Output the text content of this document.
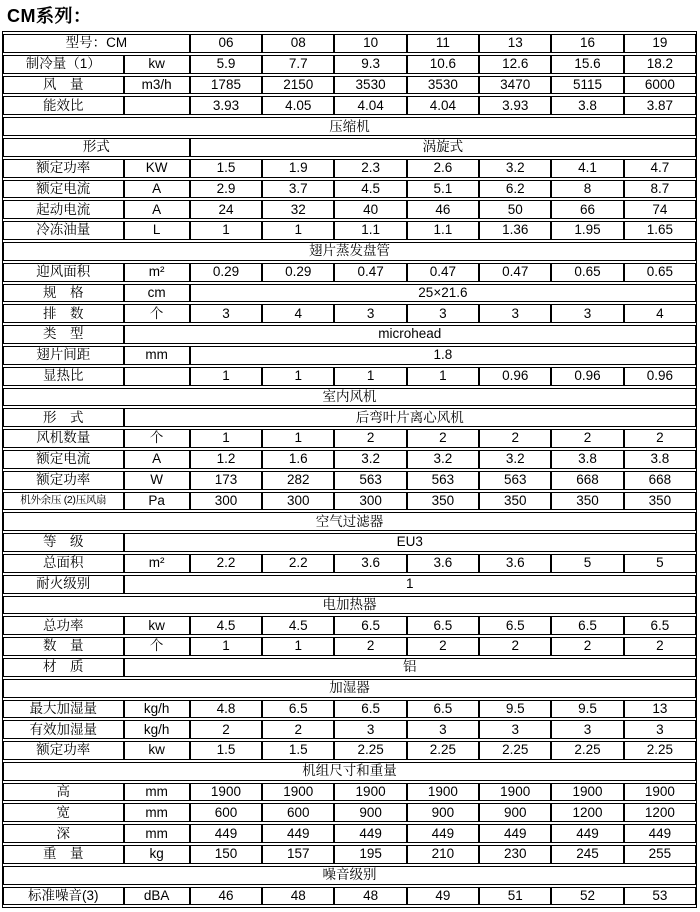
CM系列：
型号：CM		06	08	10	11	13	16	19
制冷量（1）	kw	5.9	7.7	9.3	10.6	12.6	15.6	18.2
风　量	m3/h	1785	2150	3530	3530	3470	5115	6000
能效比		3.93	4.05	4.04	4.04	3.93	3.8	3.87
压缩机								
形式		涡旋式						
额定功率	KW	1.5	1.9	2.3	2.6	3.2	4.1	4.7
额定电流	A	2.9	3.7	4.5	5.1	6.2	8	8.7
起动电流	A	24	32	40	46	50	66	74
冷冻油量	L	1	1	1.1	1.1	1.36	1.95	1.65
翅片蒸发盘管								
迎风面积	m²	0.29	0.29	0.47	0.47	0.47	0.65	0.65
规　格	cm	25×21.6						
排　数	个	3	4	3	3	3	3	4
类　型	microhead							
翅片间距	mm	1.8						
显热比		1	1	1	1	0.96	0.96	0.96
室内风机								
形　式	后弯叶片离心风机							
风机数量	个	1	1	2	2	2	2	2
额定电流	A	1.2	1.6	3.2	3.2	3.2	3.8	3.8
额定功率	W	173	282	563	563	563	668	668
机外余压 (2)压风扇	Pa	300	300	300	350	350	350	350
空气过滤器								
等　级	EU3							
总面积	m²	2.2	2.2	3.6	3.6	3.6	5	5
耐火级别	1							
电加热器								
总功率	kw	4.5	4.5	6.5	6.5	6.5	6.5	6.5
数　量	个	1	1	2	2	2	2	2
材　质	铝							
加湿器								
最大加湿量	kg/h	4.8	6.5	6.5	6.5	9.5	9.5	13
有效加湿量	kg/h	2	2	3	3	3	3	3
额定功率	kw	1.5	1.5	2.25	2.25	2.25	2.25	2.25
机组尺寸和重量								
高	mm	1900	1900	1900	1900	1900	1900	1900
宽	mm	600	600	900	900	900	1200	1200
深	mm	449	449	449	449	449	449	449
重　量	kg	150	157	195	210	230	245	255
噪音级别								
标准噪音(3)	dBA	46	48	48	49	51	52	53
